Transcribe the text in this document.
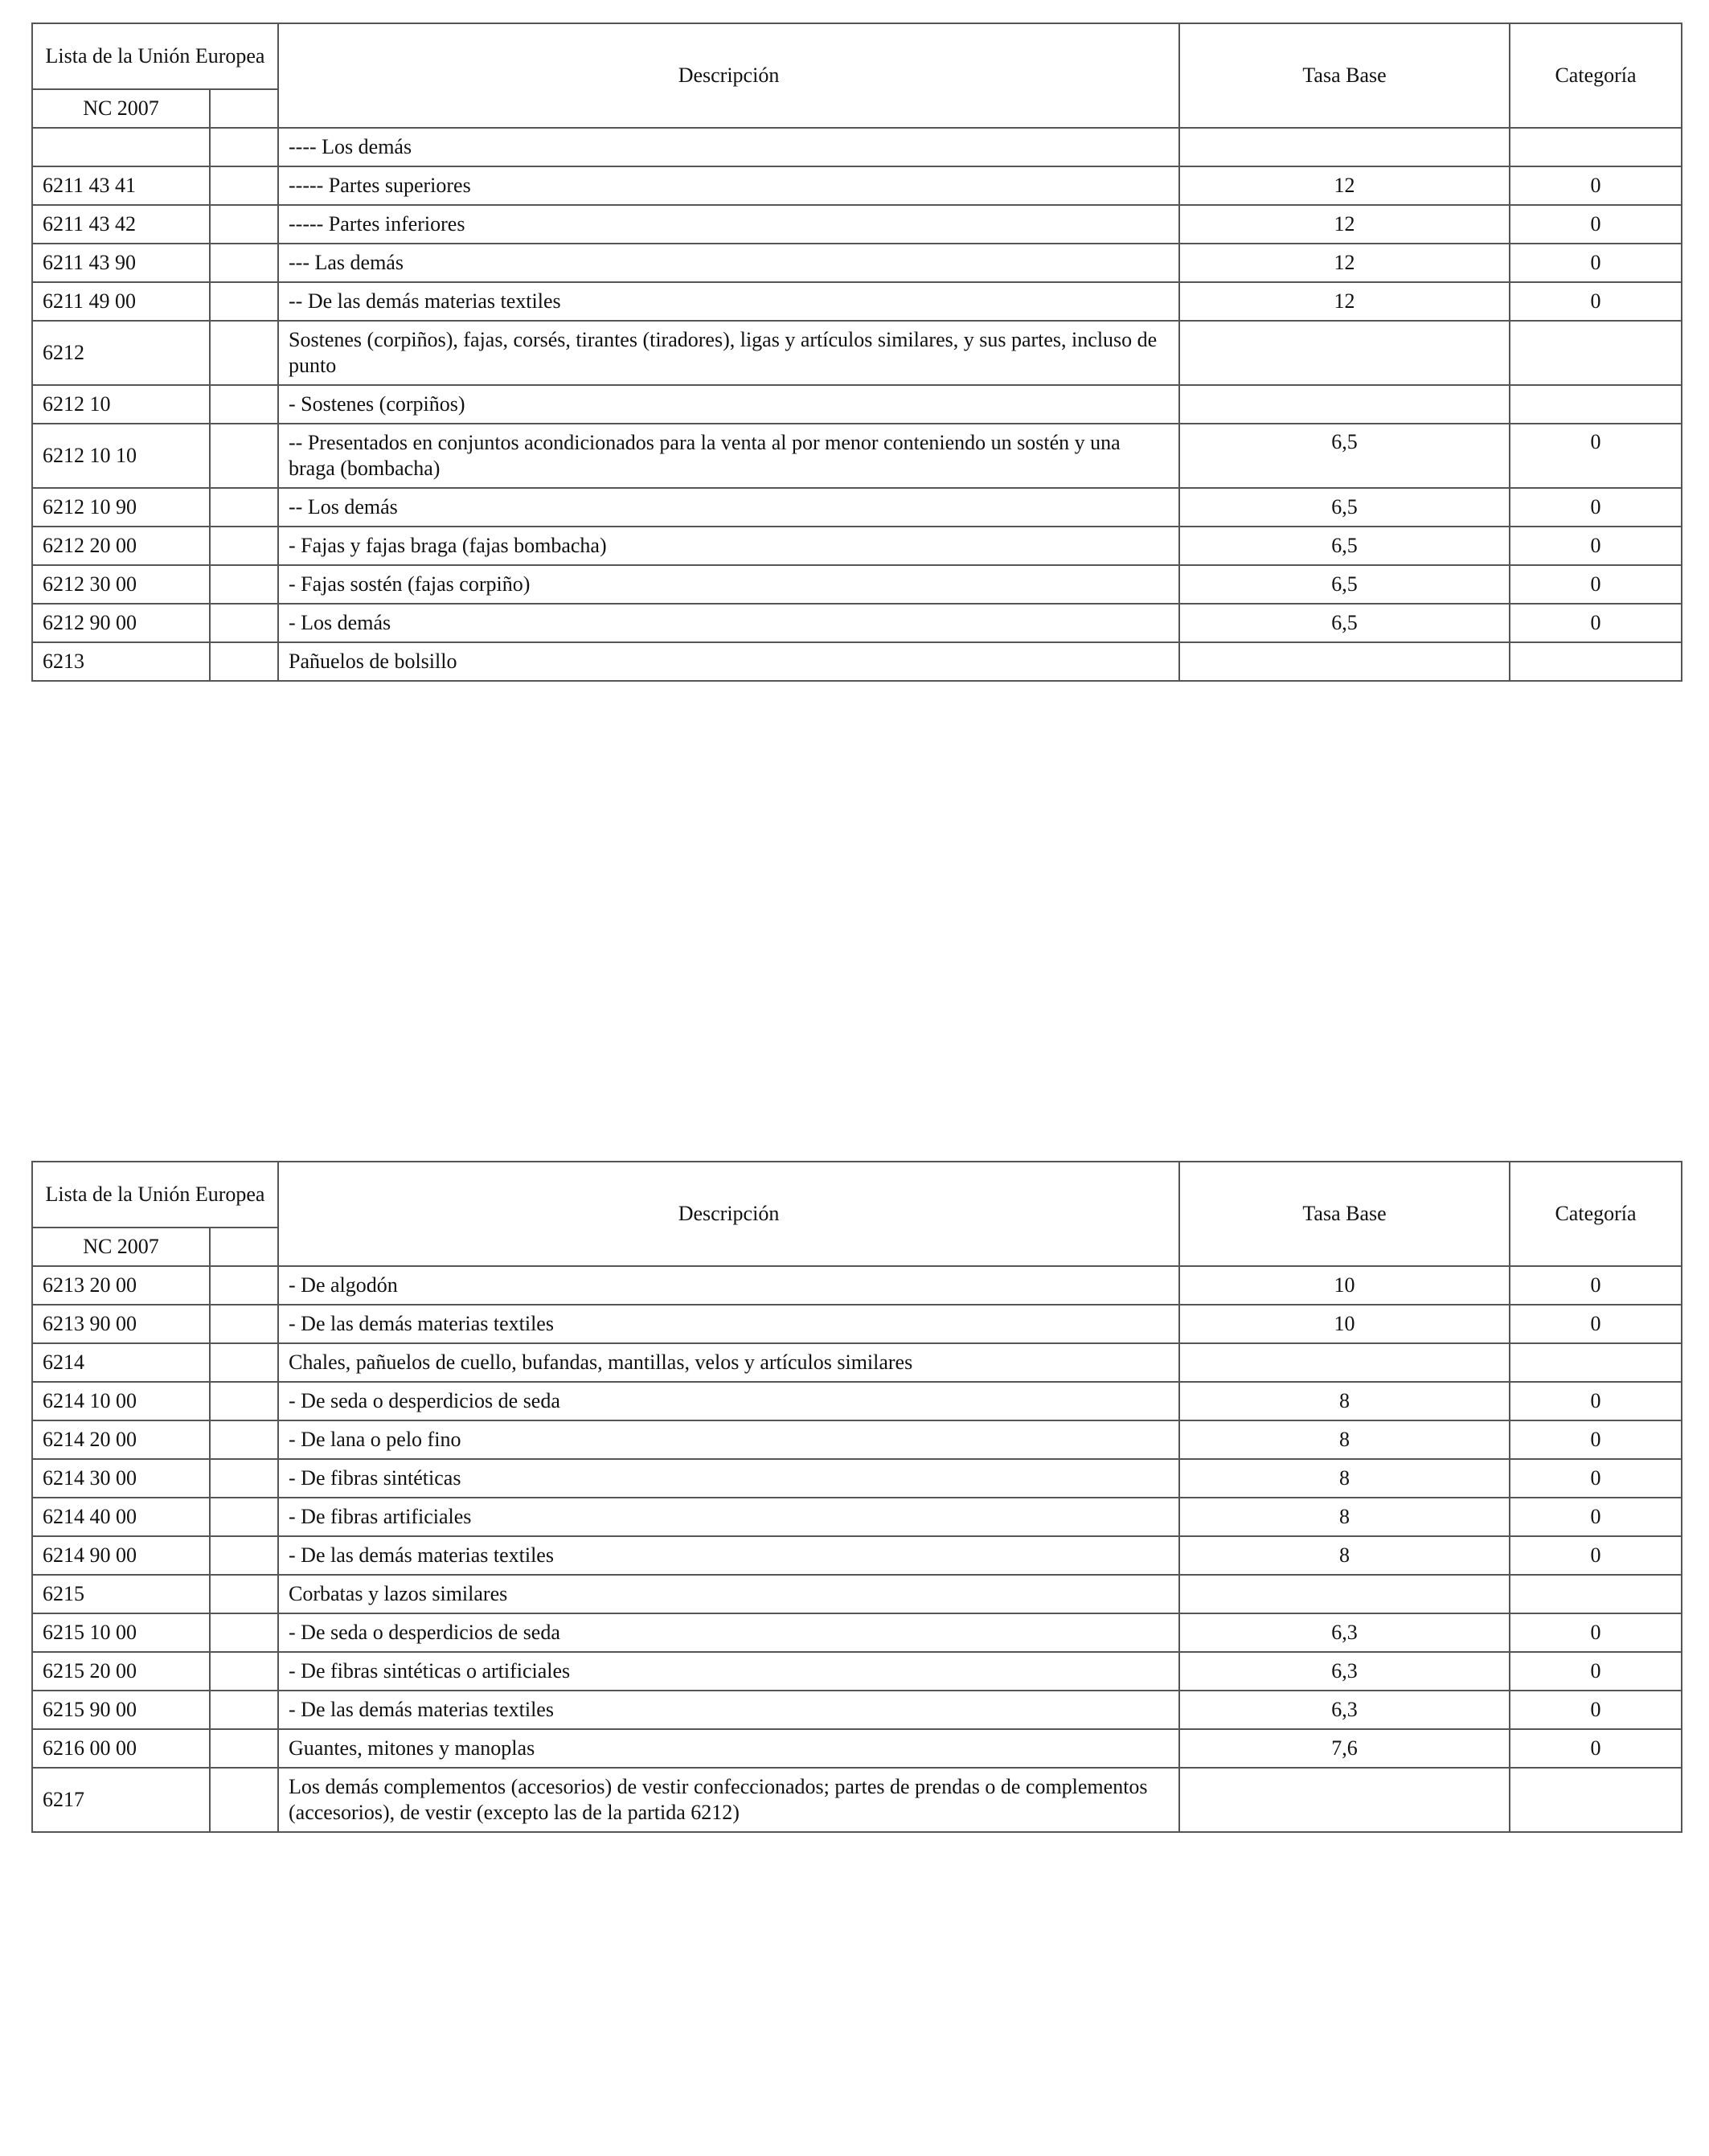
Lista de la Unión Europea		Descripción	Tasa Base	Categoría
NC 2007				
		---- Los demás		
6211 43 41		----- Partes superiores	12	0
6211 43 42		----- Partes inferiores	12	0
6211 43 90		--- Las demás	12	0
6211 49 00		-- De las demás materias textiles	12	0
6212		Sostenes (corpiños), fajas, corsés, tirantes (tiradores), ligas y artículos similares, y sus partes, incluso de punto		
6212 10		- Sostenes (corpiños)		
6212 10 10		-- Presentados en conjuntos acondicionados para la venta al por menor conteniendo un sostén y una braga (bombacha)	6,5	0
6212 10 90		-- Los demás	6,5	0
6212 20 00		- Fajas y fajas braga (fajas bombacha)	6,5	0
6212 30 00		- Fajas sostén (fajas corpiño)	6,5	0
6212 90 00		- Los demás	6,5	0
6213		Pañuelos de bolsillo		
Lista de la Unión Europea		Descripción	Tasa Base	Categoría
NC 2007				
6213 20 00		- De algodón	10	0
6213 90 00		- De las demás materias textiles	10	0
6214		Chales, pañuelos de cuello, bufandas, mantillas, velos y artículos similares		
6214 10 00		- De seda o desperdicios de seda	8	0
6214 20 00		- De lana o pelo fino	8	0
6214 30 00		- De fibras sintéticas	8	0
6214 40 00		- De fibras artificiales	8	0
6214 90 00		- De las demás materias textiles	8	0
6215		Corbatas y lazos similares		
6215 10 00		- De seda o desperdicios de seda	6,3	0
6215 20 00		- De fibras sintéticas o artificiales	6,3	0
6215 90 00		- De las demás materias textiles	6,3	0
6216 00 00		Guantes, mitones y manoplas	7,6	0
6217		Los demás complementos (accesorios) de vestir confeccionados; partes de prendas o de complementos (accesorios), de vestir (excepto las de la partida 6212)		
